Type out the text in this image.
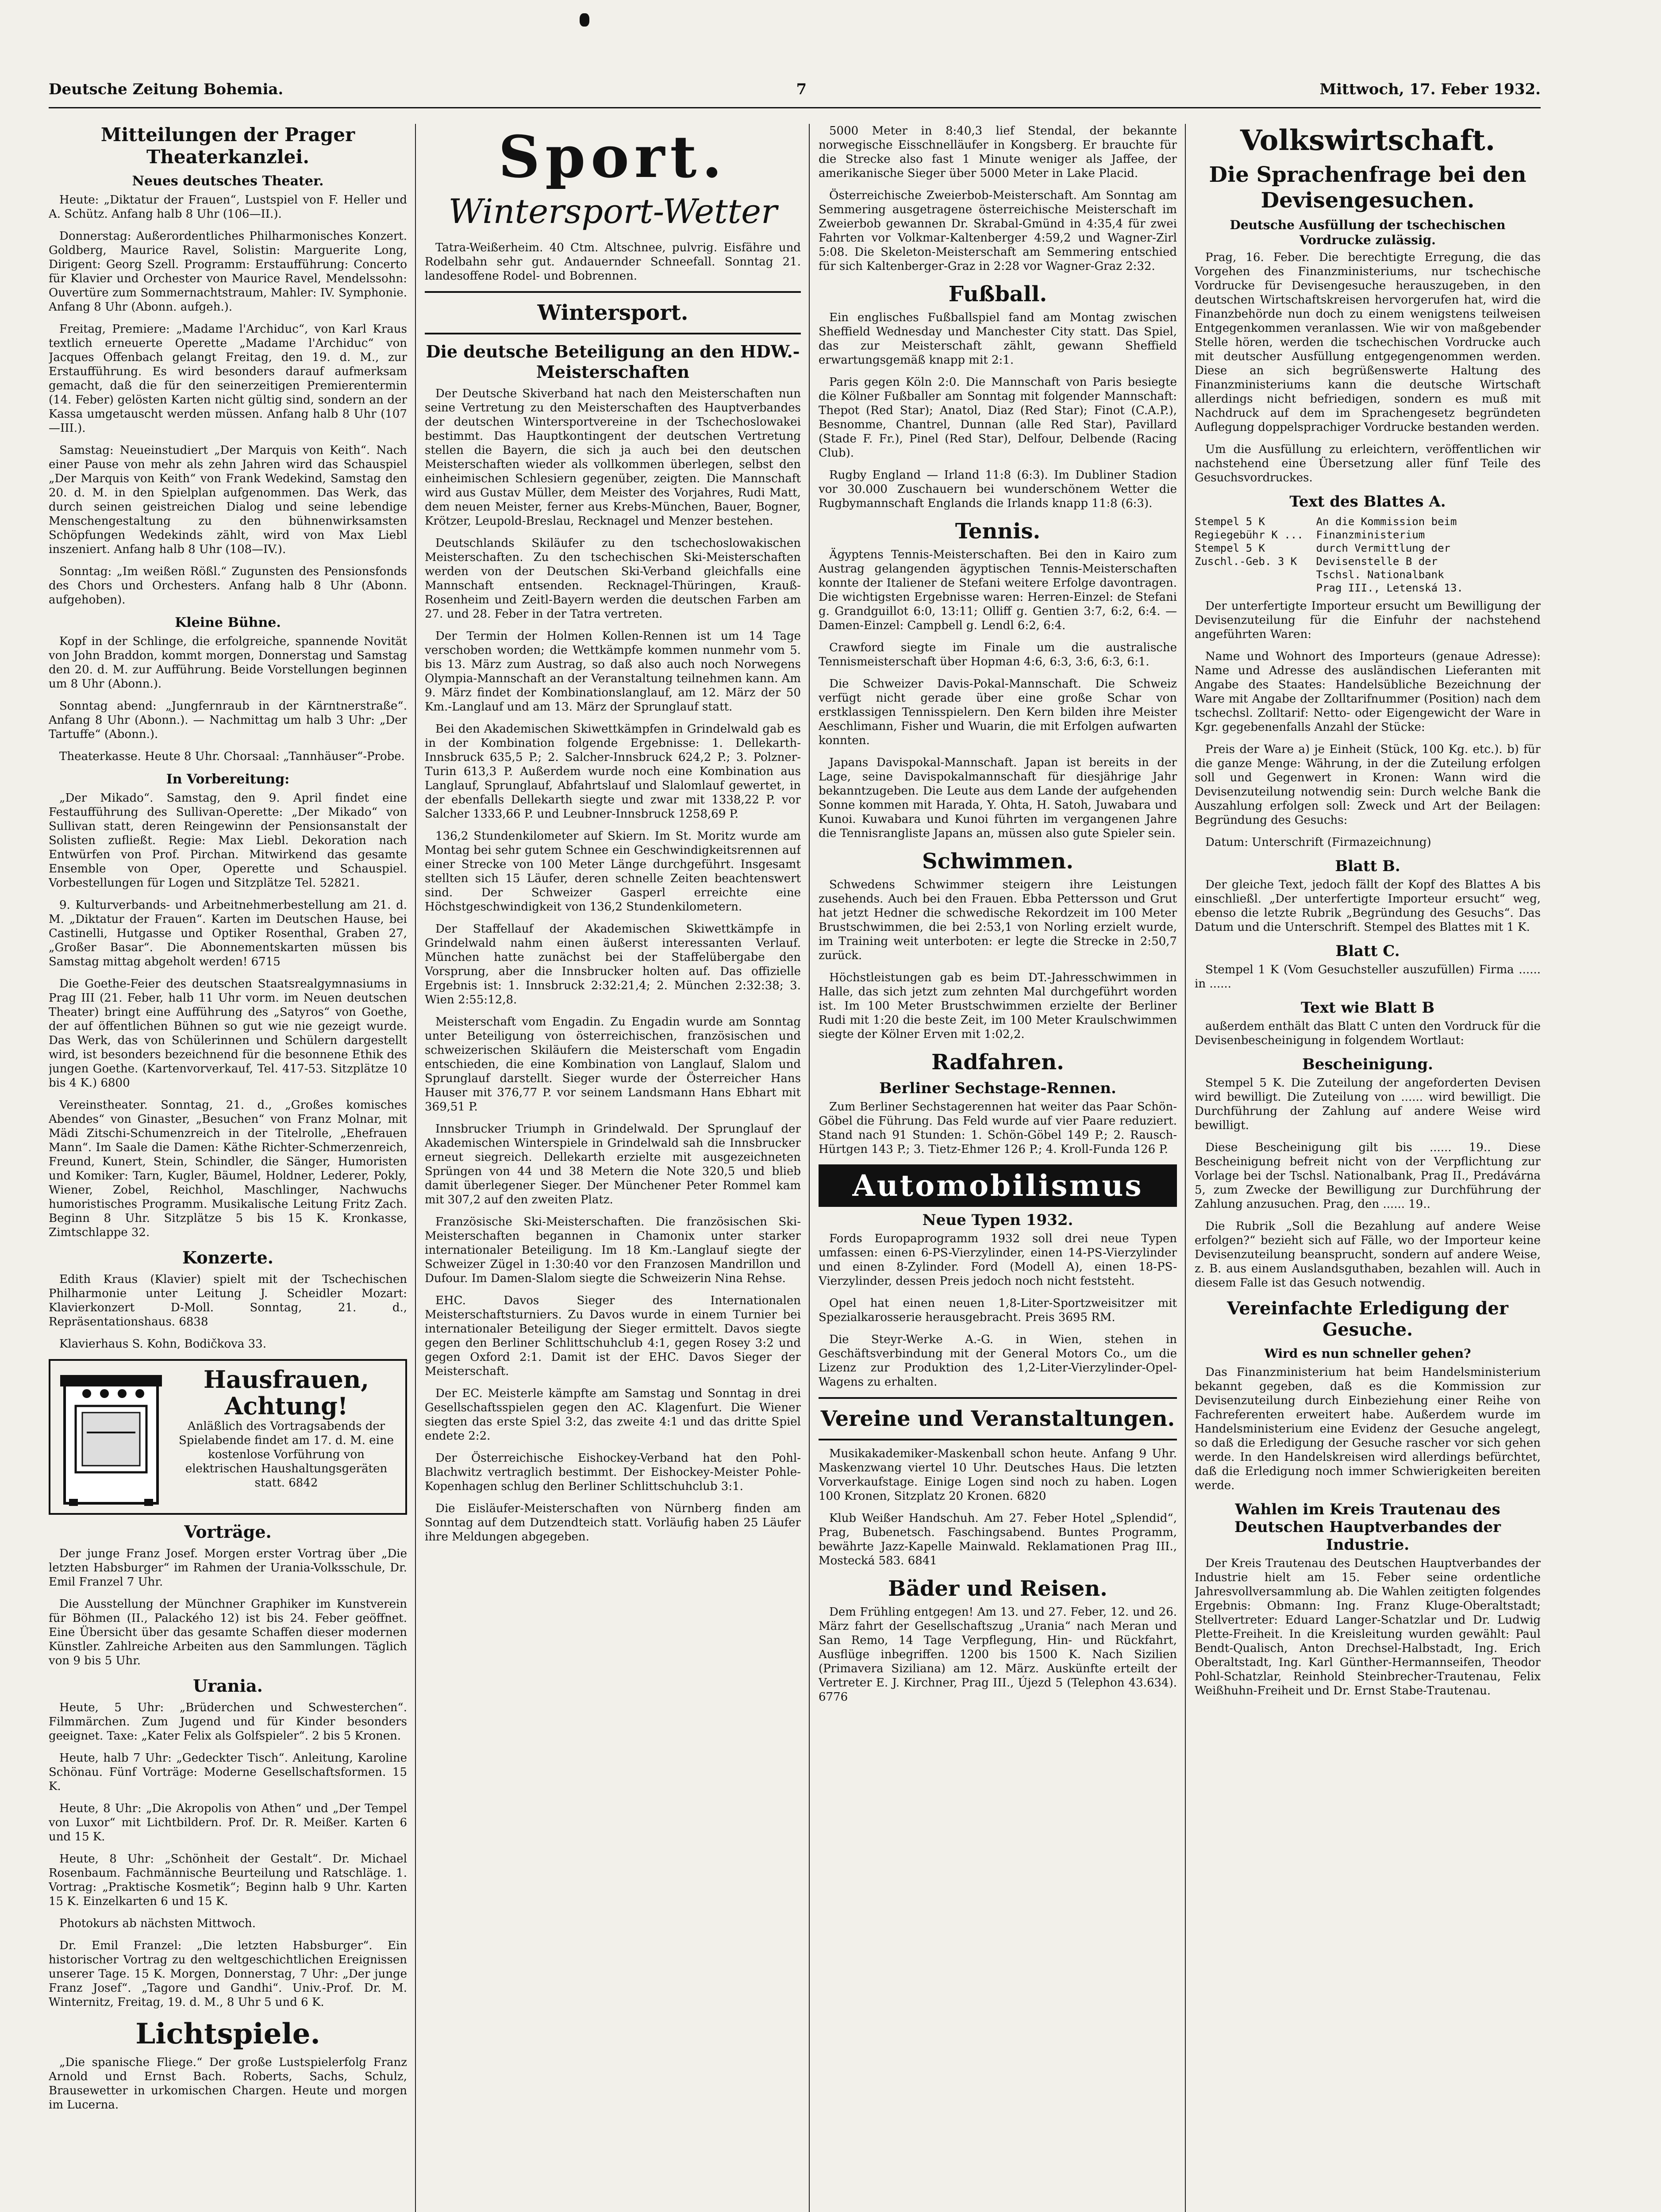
Deutsche Zeitung Bohemia.	7	Mittwoch, 17. Feber 1932.
Mitteilungen der Prager Theaterkanzlei.
Neues deutsches Theater.

Heute: „Diktatur der Frauen“, Lustspiel von F. Heller und A. Schütz. Anfang halb 8 Uhr (106—II.).

Donnerstag: Außerordentliches Philharmonisches Konzert. Goldberg, Maurice Ravel, Solistin: Marguerite Long, Dirigent: Georg Szell. Programm: Erstaufführung: Concerto für Klavier und Orchester von Maurice Ravel, Mendelssohn: Ouvertüre zum Sommernachtstraum, Mahler: IV. Symphonie. Anfang 8 Uhr (Abonn. aufgeh.).

Freitag, Premiere: „Madame l'Archiduc“, von Karl Kraus textlich erneuerte Operette „Madame l'Archiduc“ von Jacques Offenbach gelangt Freitag, den 19. d. M., zur Erstaufführung. Es wird besonders darauf aufmerksam gemacht, daß die für den seinerzeitigen Premierentermin (14. Feber) gelösten Karten nicht gültig sind, sondern an der Kassa umgetauscht werden müssen. Anfang halb 8 Uhr (107—III.).

Samstag: Neueinstudiert „Der Marquis von Keith“. Nach einer Pause von mehr als zehn Jahren wird das Schauspiel „Der Marquis von Keith“ von Frank Wedekind, Samstag den 20. d. M. in den Spielplan aufgenommen. Das Werk, das durch seinen geistreichen Dialog und seine lebendige Menschengestaltung zu den bühnenwirksamsten Schöpfungen Wedekinds zählt, wird von Max Liebl inszeniert. Anfang halb 8 Uhr (108—IV.).

Sonntag: „Im weißen Rößl.“ Zugunsten des Pensionsfonds des Chors und Orchesters. Anfang halb 8 Uhr (Abonn. aufgehoben).

Kleine Bühne.

Kopf in der Schlinge, die erfolgreiche, spannende Novität von John Braddon, kommt morgen, Donnerstag und Samstag den 20. d. M. zur Aufführung. Beide Vorstellungen beginnen um 8 Uhr (Abonn.).

Sonntag abend: „Jungfernraub in der Kärntnerstraße“. Anfang 8 Uhr (Abonn.). — Nachmittag um halb 3 Uhr: „Der Tartuffe“ (Abonn.).

Theaterkasse. Heute 8 Uhr. Chorsaal: „Tannhäuser“-Probe.

In Vorbereitung:

„Der Mikado“. Samstag, den 9. April findet eine Festaufführung des Sullivan-Operette: „Der Mikado“ von Sullivan statt, deren Reingewinn der Pensionsanstalt der Solisten zufließt. Regie: Max Liebl. Dekoration nach Entwürfen von Prof. Pirchan. Mitwirkend das gesamte Ensemble von Oper, Operette und Schauspiel. Vorbestellungen für Logen und Sitzplätze Tel. 52821.

9. Kulturverbands- und Arbeitnehmerbestellung am 21. d. M. „Diktatur der Frauen“. Karten im Deutschen Hause, bei Castinelli, Hutgasse und Optiker Rosenthal, Graben 27, „Großer Basar“. Die Abonnementskarten müssen bis Samstag mittag abgeholt werden! 6715

Die Goethe-Feier des deutschen Staatsrealgymnasiums in Prag III (21. Feber, halb 11 Uhr vorm. im Neuen deutschen Theater) bringt eine Aufführung des „Satyros“ von Goethe, der auf öffentlichen Bühnen so gut wie nie gezeigt wurde. Das Werk, das von Schülerinnen und Schülern dargestellt wird, ist besonders bezeichnend für die besonnene Ethik des jungen Goethe. (Kartenvorverkauf, Tel. 417-53. Sitzplätze 10 bis 4 K.) 6800

Vereinstheater. Sonntag, 21. d., „Großes komisches Abendes“ von Ginaster, „Besuchen“ von Franz Molnar, mit Mädi Zitschi-Schumenzreich in der Titelrolle, „Ehefrauen Mann“. Im Saale die Damen: Käthe Richter-Schmerzenreich, Freund, Kunert, Stein, Schindler, die Sänger, Humoristen und Komiker: Tarn, Kugler, Bäumel, Holdner, Lederer, Pokly, Wiener, Zobel, Reichhol, Maschlinger, Nachwuchs humoristisches Programm. Musikalische Leitung Fritz Zach. Beginn 8 Uhr. Sitzplätze 5 bis 15 K. Kronkasse, Zimtschlappe 32.

Konzerte.

Edith Kraus (Klavier) spielt mit der Tschechischen Philharmonie unter Leitung J. Scheidler Mozart: Klavierkonzert D-Moll. Sonntag, 21. d., Repräsentationshaus. 6838

Klavierhaus S. Kohn, Bodičkova 33.

Hausfrauen, Achtung!
Anläßlich des Vortragsabends der Spielabende findet am 17. d. M. eine kostenlose Vorführung von elektrischen Haushaltungsgeräten statt. 6842
Vorträge.

Der junge Franz Josef. Morgen erster Vortrag über „Die letzten Habsburger“ im Rahmen der Urania-Volksschule, Dr. Emil Franzel 7 Uhr.

Die Ausstellung der Münchner Graphiker im Kunstverein für Böhmen (II., Palackého 12) ist bis 24. Feber geöffnet. Eine Übersicht über das gesamte Schaffen dieser modernen Künstler. Zahlreiche Arbeiten aus den Sammlungen. Täglich von 9 bis 5 Uhr.

Urania.

Heute, 5 Uhr: „Brüderchen und Schwesterchen“. Filmmärchen. Zum Jugend und für Kinder besonders geeignet. Taxe: „Kater Felix als Golfspieler“. 2 bis 5 Kronen.

Heute, halb 7 Uhr: „Gedeckter Tisch“. Anleitung, Karoline Schönau. Fünf Vorträge: Moderne Gesellschaftsformen. 15 K.

Heute, 8 Uhr: „Die Akropolis von Athen“ und „Der Tempel von Luxor“ mit Lichtbildern. Prof. Dr. R. Meißer. Karten 6 und 15 K.

Heute, 8 Uhr: „Schönheit der Gestalt“. Dr. Michael Rosenbaum. Fachmännische Beurteilung und Ratschläge. 1. Vortrag: „Praktische Kosmetik“; Beginn halb 9 Uhr. Karten 15 K. Einzelkarten 6 und 15 K.

Photokurs ab nächsten Mittwoch.

Dr. Emil Franzel: „Die letzten Habsburger“. Ein historischer Vortrag zu den weltgeschichtlichen Ereignissen unserer Tage. 15 K. Morgen, Donnerstag, 7 Uhr: „Der junge Franz Josef“. „Tagore und Gandhi“. Univ.-Prof. Dr. M. Winternitz, Freitag, 19. d. M., 8 Uhr 5 und 6 K.

Lichtspiele.

„Die spanische Fliege.“ Der große Lustspielerfolg Franz Arnold und Ernst Bach. Roberts, Sachs, Schulz, Brausewetter in urkomischen Chargen. Heute und morgen im Lucerna.

Sport.
Wintersport-Wetter

Tatra-Weißerheim. 40 Ctm. Altschnee, pulvrig. Eisfähre und Rodelbahn sehr gut. Andauernder Schneefall. Sonntag 21. landesoffene Rodel- und Bobrennen.

Wintersport.
Die deutsche Beteiligung an den HDW.-Meisterschaften

Der Deutsche Skiverband hat nach den Meisterschaften nun seine Vertretung zu den Meisterschaften des Hauptverbandes der deutschen Wintersportvereine in der Tschechoslowakei bestimmt. Das Hauptkontingent der deutschen Vertretung stellen die Bayern, die sich ja auch bei den deutschen Meisterschaften wieder als vollkommen überlegen, selbst den einheimischen Schlesiern gegenüber, zeigten. Die Mannschaft wird aus Gustav Müller, dem Meister des Vorjahres, Rudi Matt, dem neuen Meister, ferner aus Krebs-München, Bauer, Bogner, Krötzer, Leupold-Breslau, Recknagel und Menzer bestehen.

Deutschlands Skiläufer zu den tschechoslowakischen Meisterschaften. Zu den tschechischen Ski-Meisterschaften werden von der Deutschen Ski-Verband gleichfalls eine Mannschaft entsenden. Recknagel-Thüringen, Krauß-Rosenheim und Zeitl-Bayern werden die deutschen Farben am 27. und 28. Feber in der Tatra vertreten.

Der Termin der Holmen Kollen-Rennen ist um 14 Tage verschoben worden; die Wettkämpfe kommen nunmehr vom 5. bis 13. März zum Austrag, so daß also auch noch Norwegens Olympia-Mannschaft an der Veranstaltung teilnehmen kann. Am 9. März findet der Kombinationslanglauf, am 12. März der 50 Km.-Langlauf und am 13. März der Sprunglauf statt.

Bei den Akademischen Skiwettkämpfen in Grindelwald gab es in der Kombination folgende Ergebnisse: 1. Dellekarth-Innsbruck 635,5 P.; 2. Salcher-Innsbruck 624,2 P.; 3. Polzner-Turin 613,3 P. Außerdem wurde noch eine Kombination aus Langlauf, Sprunglauf, Abfahrtslauf und Slalomlauf gewertet, in der ebenfalls Dellekarth siegte und zwar mit 1338,22 P. vor Salcher 1333,66 P. und Leubner-Innsbruck 1258,69 P.

136,2 Stundenkilometer auf Skiern. Im St. Moritz wurde am Montag bei sehr gutem Schnee ein Geschwindigkeitsrennen auf einer Strecke von 100 Meter Länge durchgeführt. Insgesamt stellten sich 15 Läufer, deren schnelle Zeiten beachtenswert sind. Der Schweizer Gasperl erreichte eine Höchstgeschwindigkeit von 136,2 Stundenkilometern.

Der Staffellauf der Akademischen Skiwettkämpfe in Grindelwald nahm einen äußerst interessanten Verlauf. München hatte zunächst bei der Staffelübergabe den Vorsprung, aber die Innsbrucker holten auf. Das offizielle Ergebnis ist: 1. Innsbruck 2:32:21,4; 2. München 2:32:38; 3. Wien 2:55:12,8.

Meisterschaft vom Engadin. Zu Engadin wurde am Sonntag unter Beteiligung von österreichischen, französischen und schweizerischen Skiläufern die Meisterschaft vom Engadin entschieden, die eine Kombination von Langlauf, Slalom und Sprunglauf darstellt. Sieger wurde der Österreicher Hans Hauser mit 376,77 P. vor seinem Landsmann Hans Ebhart mit 369,51 P.

Innsbrucker Triumph in Grindelwald. Der Sprunglauf der Akademischen Winterspiele in Grindelwald sah die Innsbrucker erneut siegreich. Dellekarth erzielte mit ausgezeichneten Sprüngen von 44 und 38 Metern die Note 320,5 und blieb damit überlegener Sieger. Der Münchener Peter Rommel kam mit 307,2 auf den zweiten Platz.

Französische Ski-Meisterschaften. Die französischen Ski-Meisterschaften begannen in Chamonix unter starker internationaler Beteiligung. Im 18 Km.-Langlauf siegte der Schweizer Zügel in 1:30:40 vor den Franzosen Mandrillon und Dufour. Im Damen-Slalom siegte die Schweizerin Nina Rehse.

EHC. Davos Sieger des Internationalen Meisterschaftsturniers. Zu Davos wurde in einem Turnier bei internationaler Beteiligung der Sieger ermittelt. Davos siegte gegen den Berliner Schlittschuhclub 4:1, gegen Rosey 3:2 und gegen Oxford 2:1. Damit ist der EHC. Davos Sieger der Meisterschaft.

Der EC. Meisterle kämpfte am Samstag und Sonntag in drei Gesellschaftsspielen gegen den AC. Klagenfurt. Die Wiener siegten das erste Spiel 3:2, das zweite 4:1 und das dritte Spiel endete 2:2.

Der Österreichische Eishockey-Verband hat den Pohl-Blachwitz vertraglich bestimmt. Der Eishockey-Meister Pohle-Kopenhagen schlug den Berliner Schlittschuhclub 3:1.

Die Eisläufer-Meisterschaften von Nürnberg finden am Sonntag auf dem Dutzendteich statt. Vorläufig haben 25 Läufer ihre Meldungen abgegeben.

5000 Meter in 8:40,3 lief Stendal, der bekannte norwegische Eisschnelläufer in Kongsberg. Er brauchte für die Strecke also fast 1 Minute weniger als Jaffee, der amerikanische Sieger über 5000 Meter in Lake Placid.

Österreichische Zweierbob-Meisterschaft. Am Sonntag am Semmering ausgetragene österreichische Meisterschaft im Zweierbob gewannen Dr. Skrabal-Gmünd in 4:35,4 für zwei Fahrten vor Volkmar-Kaltenberger 4:59,2 und Wagner-Zirl 5:08. Die Skeleton-Meisterschaft am Semmering entschied für sich Kaltenberger-Graz in 2:28 vor Wagner-Graz 2:32.

Fußball.

Ein englisches Fußballspiel fand am Montag zwischen Sheffield Wednesday und Manchester City statt. Das Spiel, das zur Meisterschaft zählt, gewann Sheffield erwartungsgemäß knapp mit 2:1.

Paris gegen Köln 2:0. Die Mannschaft von Paris besiegte die Kölner Fußballer am Sonntag mit folgender Mannschaft: Thepot (Red Star); Anatol, Diaz (Red Star); Finot (C.A.P.), Besnomme, Chantrel, Dunnan (alle Red Star), Pavillard (Stade F. Fr.), Pinel (Red Star), Delfour, Delbende (Racing Club).

Rugby England — Irland 11:8 (6:3). Im Dubliner Stadion vor 30.000 Zuschauern bei wunderschönem Wetter die Rugbymannschaft Englands die Irlands knapp 11:8 (6:3).

Tennis.

Ägyptens Tennis-Meisterschaften. Bei den in Kairo zum Austrag gelangenden ägyptischen Tennis-Meisterschaften konnte der Italiener de Stefani weitere Erfolge davontragen. Die wichtigsten Ergebnisse waren: Herren-Einzel: de Stefani g. Grandguillot 6:0, 13:11; Olliff g. Gentien 3:7, 6:2, 6:4. — Damen-Einzel: Campbell g. Lendl 6:2, 6:4.

Crawford siegte im Finale um die australische Tennismeisterschaft über Hopman 4:6, 6:3, 3:6, 6:3, 6:1.

Die Schweizer Davis-Pokal-Mannschaft. Die Schweiz verfügt nicht gerade über eine große Schar von erstklassigen Tennisspielern. Den Kern bilden ihre Meister Aeschlimann, Fisher und Wuarin, die mit Erfolgen aufwarten konnten.

Japans Davispokal-Mannschaft. Japan ist bereits in der Lage, seine Davispokalmannschaft für diesjährige Jahr bekanntzugeben. Die Leute aus dem Lande der aufgehenden Sonne kommen mit Harada, Y. Ohta, H. Satoh, Juwabara und Kunoi. Kuwabara und Kunoi führten im vergangenen Jahre die Tennisrangliste Japans an, müssen also gute Spieler sein.

Schwimmen.

Schwedens Schwimmer steigern ihre Leistungen zusehends. Auch bei den Frauen. Ebba Pettersson und Grut hat jetzt Hedner die schwedische Rekordzeit im 100 Meter Brustschwimmen, die bei 2:53,1 von Norling erzielt wurde, im Training weit unterboten: er legte die Strecke in 2:50,7 zurück.

Höchstleistungen gab es beim DT.-Jahresschwimmen in Halle, das sich jetzt zum zehnten Mal durchgeführt worden ist. Im 100 Meter Brustschwimmen erzielte der Berliner Rudi mit 1:20 die beste Zeit, im 100 Meter Kraulschwimmen siegte der Kölner Erven mit 1:02,2.

Radfahren.
Berliner Sechstage-Rennen.

Zum Berliner Sechstagerennen hat weiter das Paar Schön-Göbel die Führung. Das Feld wurde auf vier Paare reduziert. Stand nach 91 Stunden: 1. Schön-Göbel 149 P.; 2. Rausch-Hürtgen 143 P.; 3. Tietz-Ehmer 126 P.; 4. Kroll-Funda 126 P.

Automobilismus
Neue Typen 1932.

Fords Europaprogramm 1932 soll drei neue Typen umfassen: einen 6-PS-Vierzylinder, einen 14-PS-Vierzylinder und einen 8-Zylinder. Ford (Modell A), einen 18-PS-Vierzylinder, dessen Preis jedoch noch nicht feststeht.

Opel hat einen neuen 1,8-Liter-Sportzweisitzer mit Spezialkarosserie herausgebracht. Preis 3695 RM.

Die Steyr-Werke A.-G. in Wien, stehen in Geschäftsverbindung mit der General Motors Co., um die Lizenz zur Produktion des 1,2-Liter-Vierzylinder-Opel-Wagens zu erhalten.

Vereine und Veranstaltungen.

Musikakademiker-Maskenball schon heute. Anfang 9 Uhr. Maskenzwang viertel 10 Uhr. Deutsches Haus. Die letzten Vorverkaufstage. Einige Logen sind noch zu haben. Logen 100 Kronen, Sitzplatz 20 Kronen. 6820

Klub Weißer Handschuh. Am 27. Feber Hotel „Splendid“, Prag, Bubenetsch. Faschingsabend. Buntes Programm, bewährte Jazz-Kapelle Mainwald. Reklamationen Prag III., Mostecká 583. 6841

Bäder und Reisen.

Dem Frühling entgegen! Am 13. und 27. Feber, 12. und 26. März fahrt der Gesellschaftszug „Urania“ nach Meran und San Remo, 14 Tage Verpflegung, Hin- und Rückfahrt, Ausflüge inbegriffen. 1200 bis 1500 K. Nach Sizilien (Primavera Siziliana) am 12. März. Auskünfte erteilt der Vertreter E. J. Kirchner, Prag III., Újezd 5 (Telephon 43.634). 6776

Volkswirtschaft.
Die Sprachenfrage bei den Devisengesuchen.
Deutsche Ausfüllung der tschechischen Vordrucke zulässig.

Prag, 16. Feber. Die berechtigte Erregung, die das Vorgehen des Finanzministeriums, nur tschechische Vordrucke für Devisengesuche herauszugeben, in den deutschen Wirtschaftskreisen hervorgerufen hat, wird die Finanzbehörde nun doch zu einem wenigstens teilweisen Entgegenkommen veranlassen. Wie wir von maßgebender Stelle hören, werden die tschechischen Vordrucke auch mit deutscher Ausfüllung entgegengenommen werden. Diese an sich begrüßenswerte Haltung des Finanzministeriums kann die deutsche Wirtschaft allerdings nicht befriedigen, sondern es muß mit Nachdruck auf dem im Sprachengesetz begründeten Auflegung doppelsprachiger Vordrucke bestanden werden.

Um die Ausfüllung zu erleichtern, veröffentlichen wir nachstehend eine Übersetzung aller fünf Teile des Gesuchsvordruckes.

Text des Blattes A.
Stempel 5 K        An die Kommission beim
Regiegebühr K ...  Finanzministerium
Stempel 5 K        durch Vermittlung der
Zuschl.-Geb. 3 K   Devisenstelle B der
Tschsl. Nationalbank
Prag III., Letenská 13.

Der unterfertigte Importeur ersucht um Bewilligung der Devisenzuteilung für die Einfuhr der nachstehend angeführten Waren:

Name und Wohnort des Importeurs (genaue Adresse): Name und Adresse des ausländischen Lieferanten mit Angabe des Staates: Handelsübliche Bezeichnung der Ware mit Angabe der Zolltarifnummer (Position) nach dem tschechsl. Zolltarif: Netto- oder Eigengewicht der Ware in Kgr. gegebenenfalls Anzahl der Stücke:

Preis der Ware a) je Einheit (Stück, 100 Kg. etc.). b) für die ganze Menge: Währung, in der die Zuteilung erfolgen soll und Gegenwert in Kronen: Wann wird die Devisenzuteilung notwendig sein: Durch welche Bank die Auszahlung erfolgen soll: Zweck und Art der Beilagen: Begründung des Gesuchs:

Datum: Unterschrift (Firmazeichnung)

Blatt B.

Der gleiche Text, jedoch fällt der Kopf des Blattes A bis einschließl. „Der unterfertigte Importeur ersucht“ weg, ebenso die letzte Rubrik „Begründung des Gesuchs“. Das Datum und die Unterschrift. Stempel des Blattes mit 1 K.

Blatt C.

Stempel 1 K (Vom Gesuchsteller auszufüllen) Firma ...... in ......

Text wie Blatt B

außerdem enthält das Blatt C unten den Vordruck für die Devisenbescheinigung in folgendem Wortlaut:

Bescheinigung.

Stempel 5 K. Die Zuteilung der angeforderten Devisen wird bewilligt. Die Zuteilung von ...... wird bewilligt. Die Durchführung der Zahlung auf andere Weise wird bewilligt.

Diese Bescheinigung gilt bis ...... 19.. Diese Bescheinigung befreit nicht von der Verpflichtung zur Vorlage bei der Tschsl. Nationalbank, Prag II., Predávárna 5, zum Zwecke der Bewilligung zur Durchführung der Zahlung anzusuchen. Prag, den ...... 19..

Die Rubrik „Soll die Bezahlung auf andere Weise erfolgen?“ bezieht sich auf Fälle, wo der Importeur keine Devisenzuteilung beansprucht, sondern auf andere Weise, z. B. aus einem Auslandsguthaben, bezahlen will. Auch in diesem Falle ist das Gesuch notwendig.

Vereinfachte Erledigung der Gesuche.
Wird es nun schneller gehen?

Das Finanzministerium hat beim Handelsministerium bekannt gegeben, daß es die Kommission zur Devisenzuteilung durch Einbeziehung einer Reihe von Fachreferenten erweitert habe. Außerdem wurde im Handelsministerium eine Evidenz der Gesuche angelegt, so daß die Erledigung der Gesuche rascher vor sich gehen werde. In den Handelskreisen wird allerdings befürchtet, daß die Erledigung noch immer Schwierigkeiten bereiten werde.

Wahlen im Kreis Trautenau des Deutschen Hauptverbandes der Industrie.

Der Kreis Trautenau des Deutschen Hauptverbandes der Industrie hielt am 15. Feber seine ordentliche Jahresvollversammlung ab. Die Wahlen zeitigten folgendes Ergebnis: Obmann: Ing. Franz Kluge-Oberaltstadt; Stellvertreter: Eduard Langer-Schatzlar und Dr. Ludwig Plette-Freiheit. In die Kreisleitung wurden gewählt: Paul Bendt-Qualisch, Anton Drechsel-Halbstadt, Ing. Erich Oberaltstadt, Ing. Karl Günther-Hermannseifen, Theodor Pohl-Schatzlar, Reinhold Steinbrecher-Trautenau, Felix Weißhuhn-Freiheit und Dr. Ernst Stabe-Trautenau.
